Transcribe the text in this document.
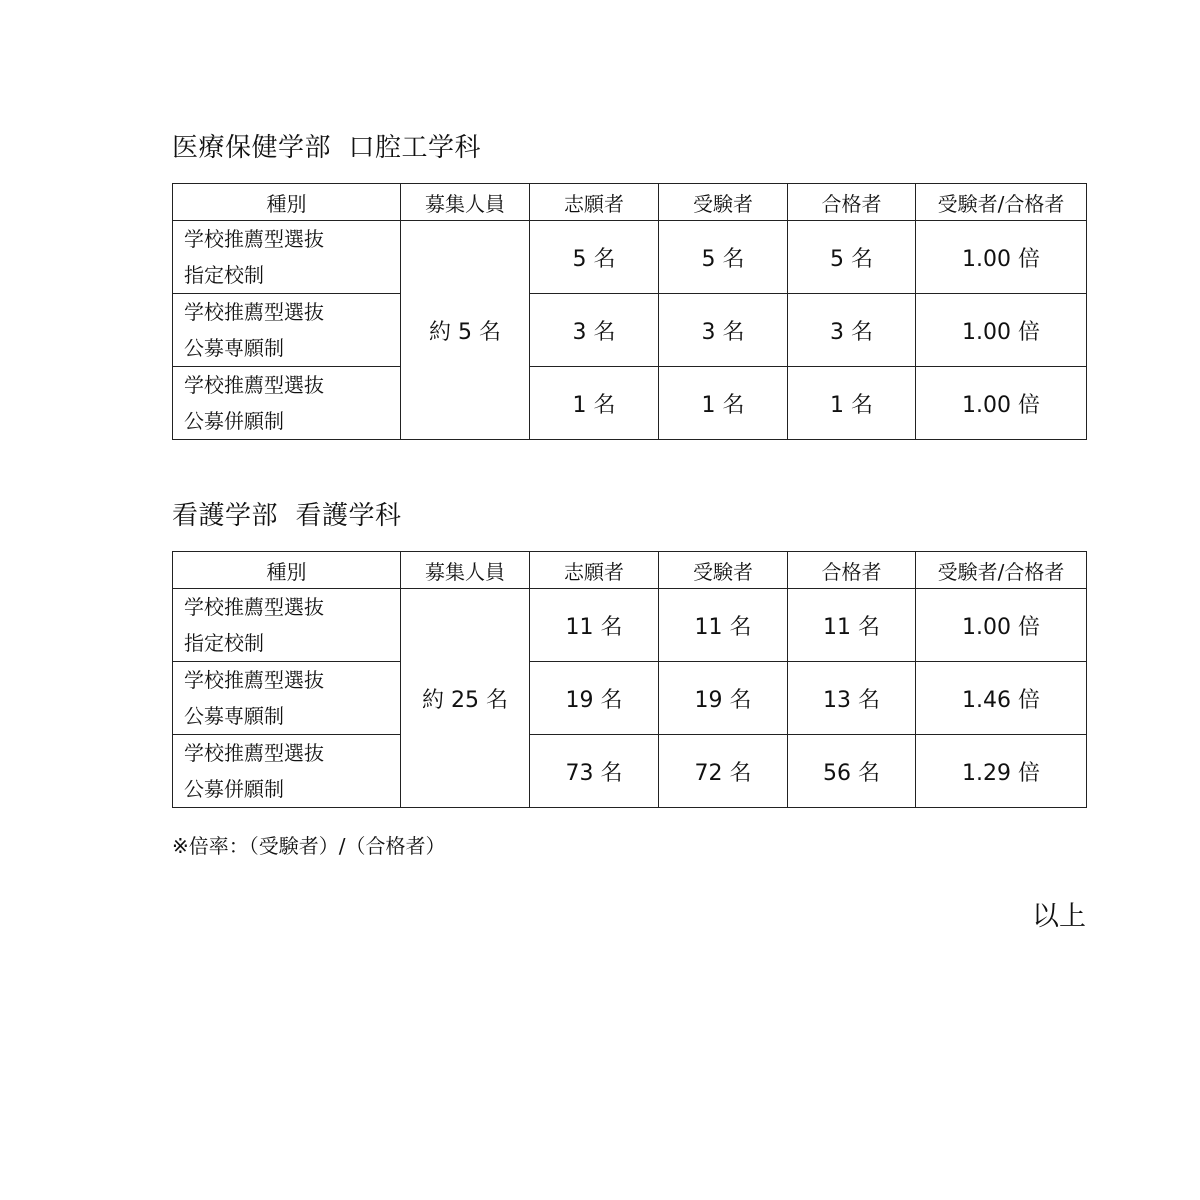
医療保健学部  口腔工学科
種別	募集人員	志願者	受験者	合格者	受験者/合格者

学校推薦型選抜
指定校制	約 5 名	5 名	5 名	5 名	1.00 倍

学校推薦型選抜
公募専願制		3 名	3 名	3 名	1.00 倍

学校推薦型選抜
公募併願制		1 名	1 名	1 名	1.00 倍
看護学部  看護学科
種別	募集人員	志願者	受験者	合格者	受験者/合格者

学校推薦型選抜
指定校制	約 25 名	11 名	11 名	11 名	1.00 倍

学校推薦型選抜
公募専願制		19 名	19 名	13 名	1.46 倍

学校推薦型選抜
公募併願制		73 名	72 名	56 名	1.29 倍
※倍率：（受験者）/（合格者）
以上
